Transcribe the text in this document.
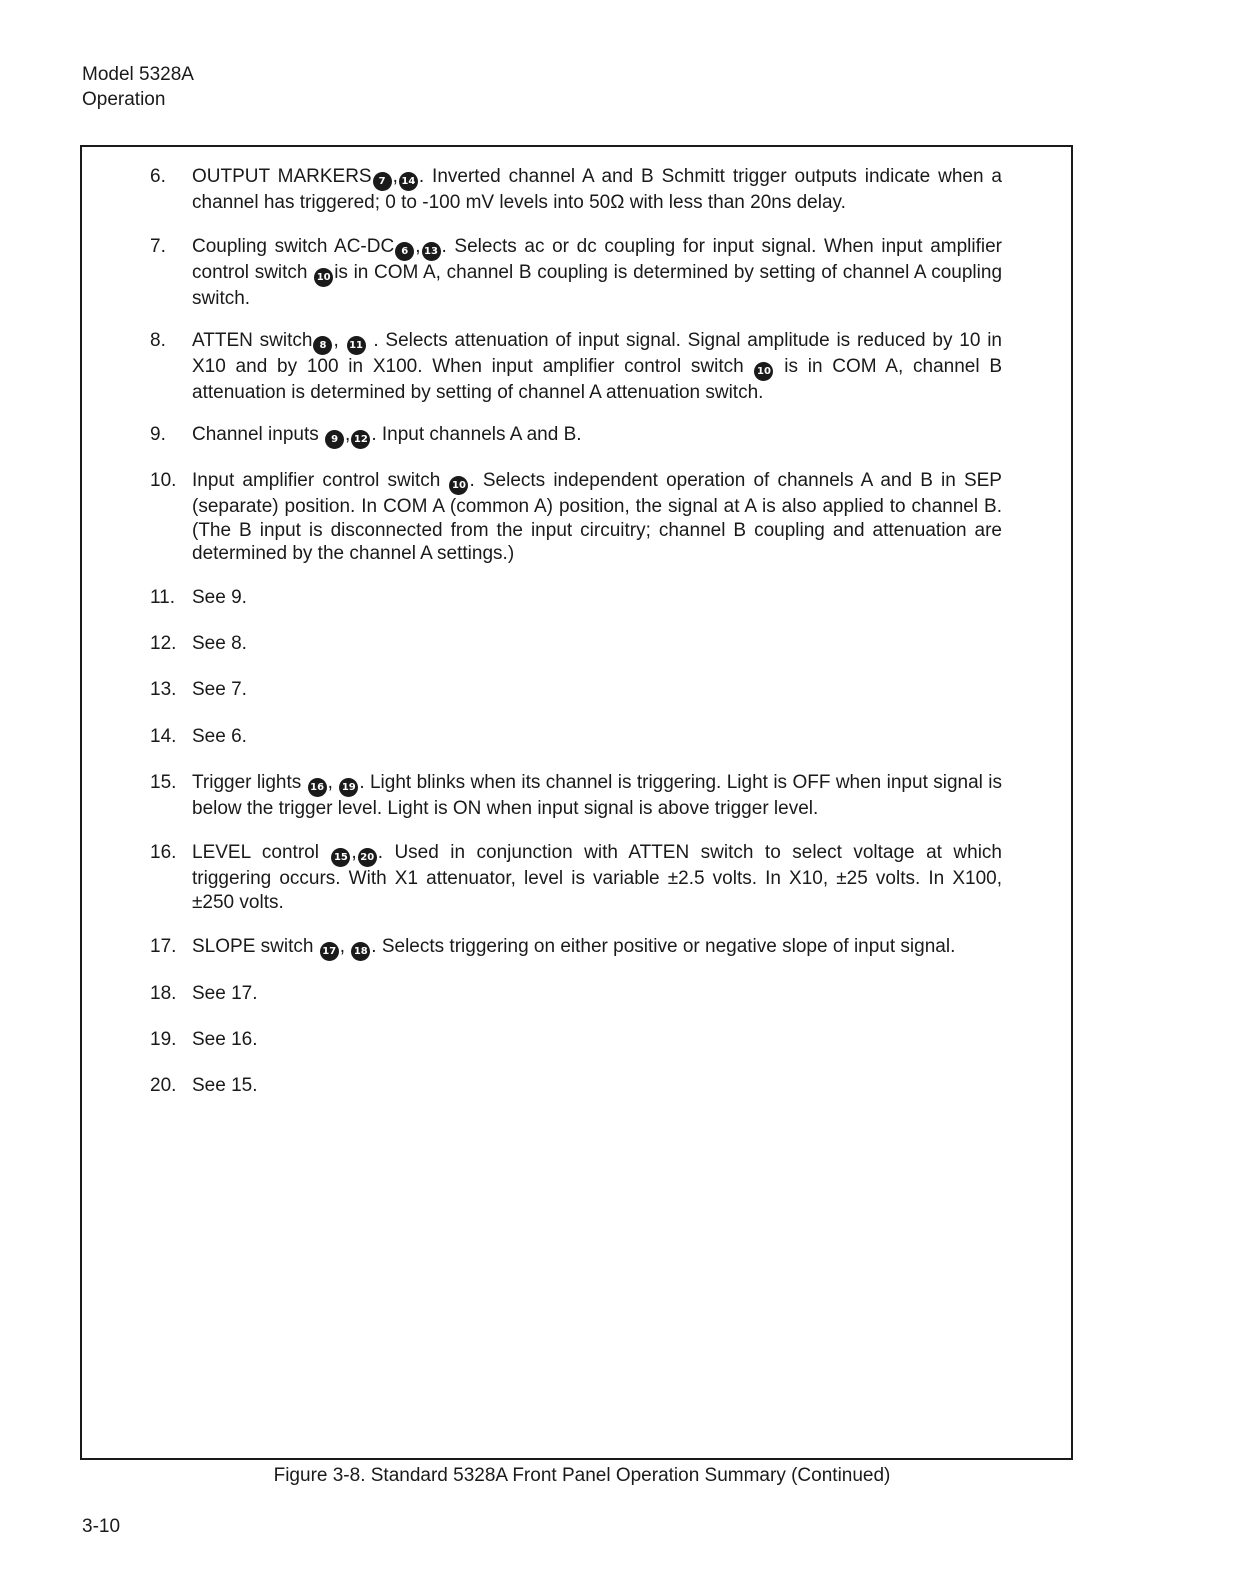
Model 5328A
Operation
6.	OUTPUT MARKERS 7 , 14 . Inverted channel A and B Schmitt trigger outputs indicate when a channel has triggered; 0 to -100 mV levels into 50Ω with less than 20ns delay.
7.	Coupling switch AC-DC 6 , 13 . Selects ac or dc coupling for input signal. When input amplifier control switch 10 is in COM A, channel B coupling is determined by setting of channel A coupling switch.
8.	ATTEN switch 8 , 11 . Selects attenuation of input signal. Signal amplitude is reduced by 10 in X10 and by 100 in X100. When input amplifier control switch 10 is in COM A, channel B attenuation is determined by setting of channel A attenuation switch.
9.	Channel inputs 9 , 12 . Input channels A and B.
10. Input amplifier control switch 10 . Selects independent operation of channels A and B in SEP (separate) position. In COM A (common A) position, the signal at A is also applied to channel B. (The B input is disconnected from the input circuitry; channel B coupling and attenuation are determined by the channel A settings.)
11. See 9.
12. See 8.
13. See 7.
14. See 6.
15. Trigger lights 16 , 19 . Light blinks when its channel is triggering. Light is OFF when input signal is below the trigger level. Light is ON when input signal is above trigger level.
16. LEVEL control 15 , 20 . Used in conjunction with ATTEN switch to select voltage at which triggering occurs. With X1 attenuator, level is variable ±2.5 volts. In X10, ±25 volts. In X100, ±250 volts.
17. SLOPE switch 17 , 18 . Selects triggering on either positive or negative slope of input signal.
18. See 17.
19. See 16.
20. See 15.
Figure 3-8. Standard 5328A Front Panel Operation Summary (Continued)
3-10
